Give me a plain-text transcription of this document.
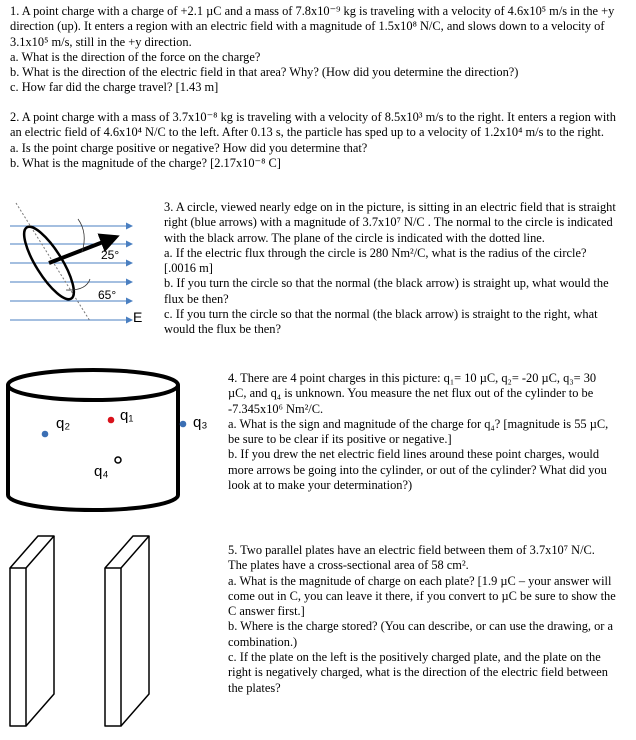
1. A point charge with a charge of +2.1 µC and a mass of 7.8x10⁻⁹ kg is traveling with a velocity of 4.6x10⁵ m/s in the +y direction (up). It enters a region with an electric field with a magnitude of 1.5x10⁸ N/C, and slows down to a velocity of 3.1x10⁵ m/s, still in the +y direction.

a. What is the direction of the force on the charge?

b. What is the direction of the electric field in that area? Why? (How did you determine the direction?)

c. How far did the charge travel? [1.43 m]

2. A point charge with a mass of 3.7x10⁻⁸ kg is traveling with a velocity of 8.5x10³ m/s to the right. It enters a region with an electric field of 4.6x10⁴ N/C to the left. After 0.13 s, the particle has sped up to a velocity of 1.2x10⁴ m/s to the right.

a. Is the point charge positive or negative? How did you determine that?

b. What is the magnitude of the charge? [2.17x10⁻⁸ C]

25°
65°
E

3. A circle, viewed nearly edge on in the picture, is sitting in an electric field that is straight right (blue arrows) with a magnitude of 3.7x10⁷ N/C . The normal to the circle is indicated with the black arrow. The plane of the circle is indicated with the dotted line.

a. If the electric flux through the circle is 280 Nm²/C, what is the radius of the circle? [.0016 m]

b. If you turn the circle so that the normal (the black arrow) is straight up, what would the flux be then?

c. If you turn the circle so that the normal (the black arrow) is straight to the right, what would the flux be then?

q₂	q₁	q₃
q₄

4. There are 4 point charges in this picture: q₁= 10 µC, q₂= -20 µC, q₃= 30 µC, and q₄ is unknown. You measure the net flux out of the cylinder to be -7.345x10⁶ Nm²/C.

a. What is the sign and magnitude of the charge for q₄? [magnitude is 55 µC, be sure to be clear if its positive or negative.]

b. If you drew the net electric field lines around these point charges, would more arrows be going into the cylinder, or out of the cylinder? What did you look at to make your determination?)

5. Two parallel plates have an electric field between them of 3.7x10⁷ N/C. The plates have a cross-sectional area of 58 cm².

a. What is the magnitude of charge on each plate? [1.9 µC – your answer will come out in C, you can leave it there, if you convert to µC be sure to show the C answer first.]

b. Where is the charge stored? (You can describe, or can use the drawing, or a combination.)

c. If the plate on the left is the positively charged plate, and the plate on the right is negatively charged, what is the direction of the electric field between the plates?
